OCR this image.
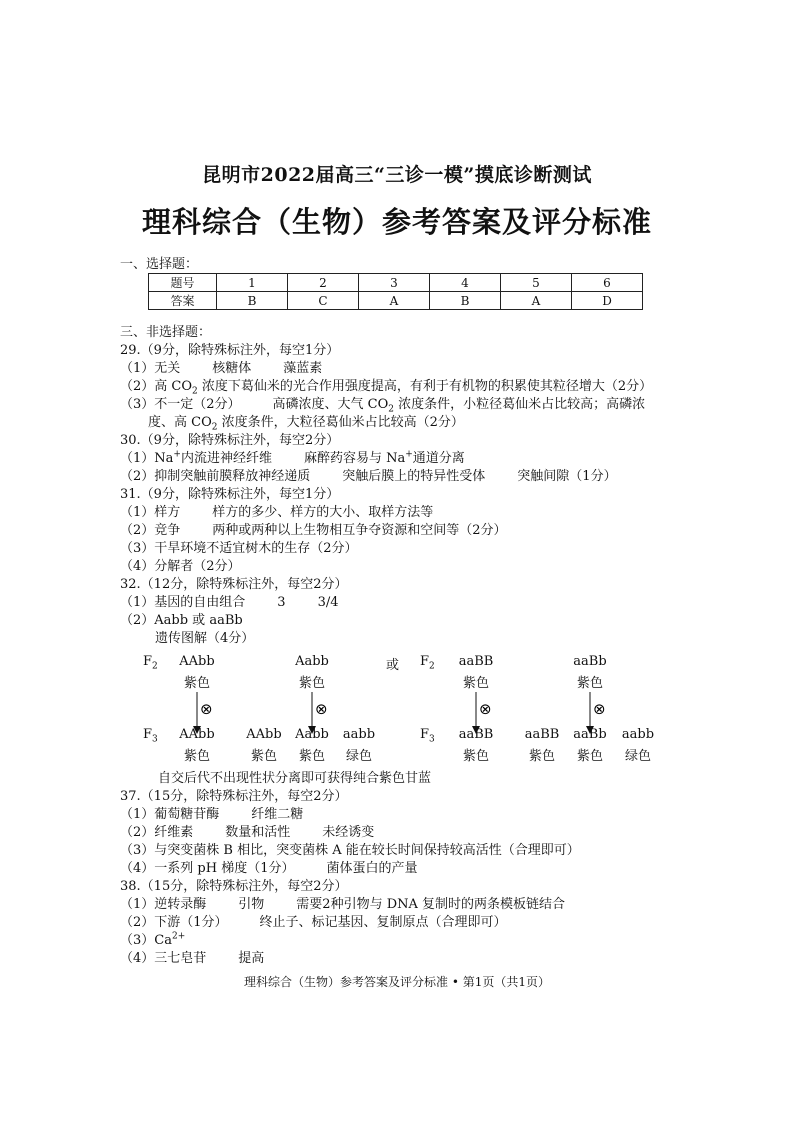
昆明市2022届高三“三诊一模”摸底诊断测试
理科综合（生物）参考答案及评分标准
一、选择题：
题号	1	2	3	4	5	6
答案	B	C	A	B	A	D
三、非选择题：
29.（9分，除特殊标注外，每空1分）
（1）无关 核糖体 藻蓝素
（2）高 $CO_2$ 浓度下葛仙米的光合作用强度提高，有利于有机物的积累使其粒径增大（2分）
（3）不一定（2分） 高磷浓度、大气 $CO_2$ 浓度条件，小粒径葛仙米占比较高；高磷浓
度、高 $CO_2$ 浓度条件，大粒径葛仙米占比较高（2分）
30.（9分，除特殊标注外，每空2分）
（1）Na+内流进神经纤维 麻醉药容易与 Na+通道分离
（2）抑制突触前膜释放神经递质 突触后膜上的特异性受体 突触间隙（1分）
31.（9分，除特殊标注外，每空1分）
（1）样方 样方的多少、样方的大小、取样方法等
（2）竞争 两种或两种以上生物相互争夺资源和空间等（2分）
（3）干旱环境不适宜树木的生存（2分）
（4）分解者（2分）
32.（12分，除特殊标注外，每空2分）
（1）基因的自由组合 3 3/4
（2）Aabb 或 aaBb
遗传图解（4分）
$F_2$	或 $F_2$
AAbb
紫色
Aabb
紫色
aaBB
紫色
aaBb
紫色
⊗	⊗	⊗	⊗
$F_3$	$F_3$
AAbb
紫色
AAbb
紫色
Aabb
紫色
aabb
绿色
aaBB
紫色
aaBB
紫色
aaBb
紫色
aabb
绿色
自交后代不出现性状分离即可获得纯合紫色甘蓝
37.（15分，除特殊标注外，每空2分）
（1）葡萄糖苷酶 纤维二糖
（2）纤维素 数量和活性 未经诱变
（3）与突变菌株 B 相比，突变菌株 A 能在较长时间保持较高活性（合理即可）
（4）一系列 pH 梯度（1分） 菌体蛋白的产量
38.（15分，除特殊标注外，每空2分）
（1）逆转录酶 引物 需要2种引物与 DNA 复制时的两条模板链结合
（2）下游（1分） 终止子、标记基因、复制原点（合理即可）
$(3)Ca^{2+}$
（4）三七皂苷 提高
理科综合（生物）参考答案及评分标准 • 第1页（共1页）
